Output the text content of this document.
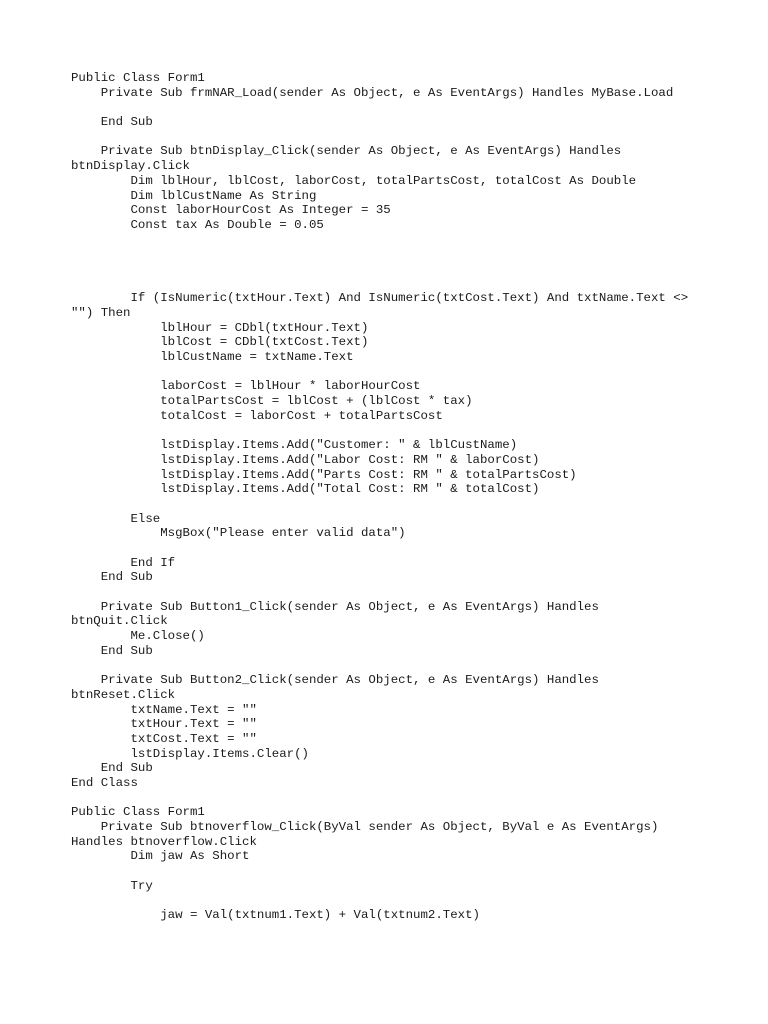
Public Class Form1
Private Sub frmNAR_Load(sender As Object, e As EventArgs) Handles MyBase.Load
End Sub
Private Sub btnDisplay_Click(sender As Object, e As EventArgs) Handles
btnDisplay.Click
Dim lblHour, lblCost, laborCost, totalPartsCost, totalCost As Double
Dim lblCustName As String
Const laborHourCost As Integer = 35
Const tax As Double = 0.05
If (IsNumeric(txtHour.Text) And IsNumeric(txtCost.Text) And txtName.Text <>
"") Then
lblHour = CDbl(txtHour.Text)
lblCost = CDbl(txtCost.Text)
lblCustName = txtName.Text
laborCost = lblHour * laborHourCost
totalPartsCost = lblCost + (lblCost * tax)
totalCost = laborCost + totalPartsCost
lstDisplay.Items.Add("Customer: " & lblCustName)
lstDisplay.Items.Add("Labor Cost: RM " & laborCost)
lstDisplay.Items.Add("Parts Cost: RM " & totalPartsCost)
lstDisplay.Items.Add("Total Cost: RM " & totalCost)
Else
MsgBox("Please enter valid data")
End If
End Sub
Private Sub Button1_Click(sender As Object, e As EventArgs) Handles
btnQuit.Click
Me.Close()
End Sub
Private Sub Button2_Click(sender As Object, e As EventArgs) Handles
btnReset.Click
txtName.Text = ""
txtHour.Text = ""
txtCost.Text = ""
lstDisplay.Items.Clear()
End Sub
End Class
Public Class Form1
Private Sub btnoverflow_Click(ByVal sender As Object, ByVal e As EventArgs)
Handles btnoverflow.Click
Dim jaw As Short
Try
jaw = Val(txtnum1.Text) + Val(txtnum2.Text)
